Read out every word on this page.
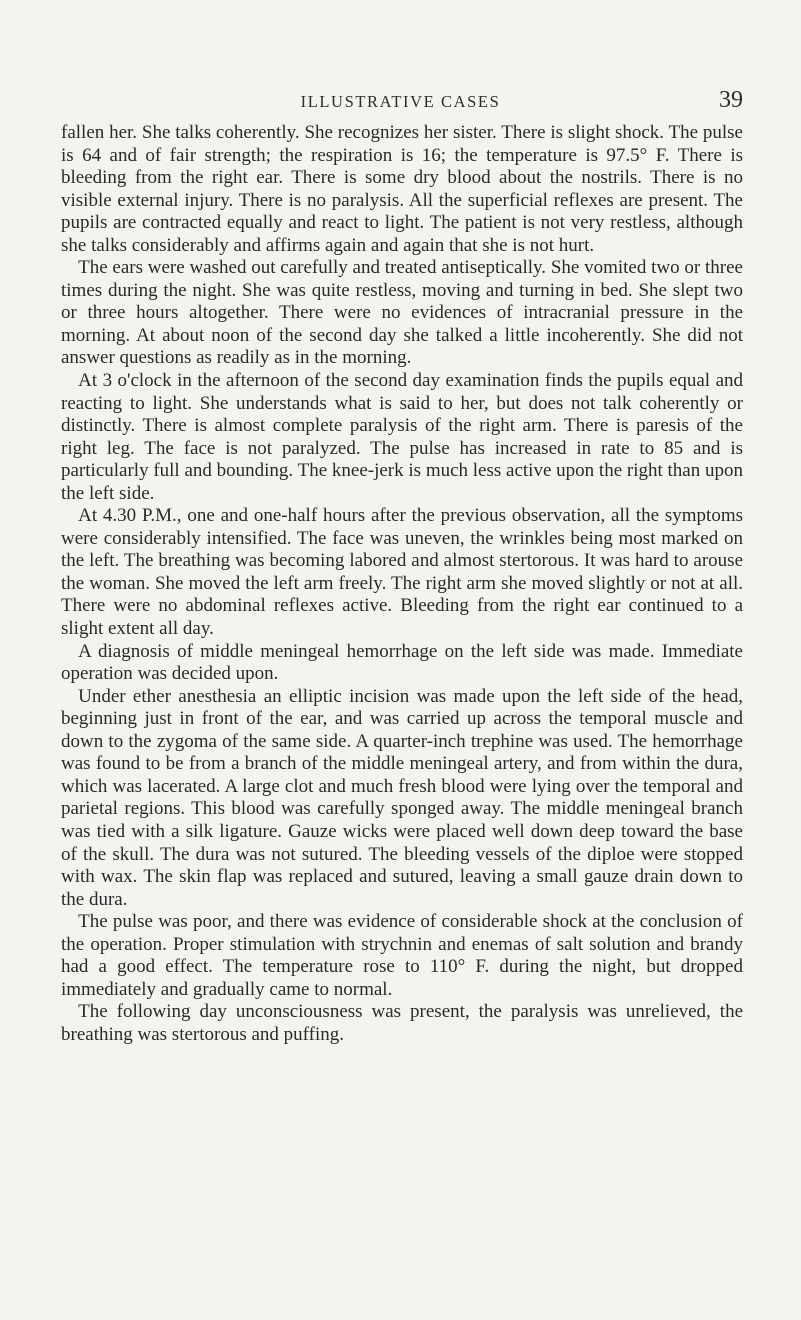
ILLUSTRATIVE CASES	39

fallen her. She talks coherently. She recognizes her sister. There is slight shock. The pulse is 64 and of fair strength; the respiration is 16; the temperature is 97.5° F. There is bleeding from the right ear. There is some dry blood about the nostrils. There is no visible external injury. There is no paralysis. All the superficial reflexes are present. The pupils are contracted equally and react to light. The patient is not very restless, although she talks considerably and affirms again and again that she is not hurt.

The ears were washed out carefully and treated antiseptically. She vomited two or three times during the night. She was quite restless, moving and turning in bed. She slept two or three hours altogether. There were no evidences of intracranial pressure in the morning. At about noon of the second day she talked a little incoherently. She did not answer questions as readily as in the morning.

At 3 o'clock in the afternoon of the second day examination finds the pupils equal and reacting to light. She understands what is said to her, but does not talk coherently or distinctly. There is almost complete paralysis of the right arm. There is paresis of the right leg. The face is not paralyzed. The pulse has increased in rate to 85 and is particularly full and bounding. The knee-jerk is much less active upon the right than upon the left side.

At 4.30 P.M., one and one-half hours after the previous observation, all the symptoms were considerably intensified. The face was uneven, the wrinkles being most marked on the left. The breathing was becoming labored and almost stertorous. It was hard to arouse the woman. She moved the left arm freely. The right arm she moved slightly or not at all. There were no abdominal reflexes active. Bleeding from the right ear continued to a slight extent all day.

A diagnosis of middle meningeal hemorrhage on the left side was made. Immediate operation was decided upon.

Under ether anesthesia an elliptic incision was made upon the left side of the head, beginning just in front of the ear, and was carried up across the temporal muscle and down to the zygoma of the same side. A quarter-inch trephine was used. The hemorrhage was found to be from a branch of the middle meningeal artery, and from within the dura, which was lacerated. A large clot and much fresh blood were lying over the temporal and parietal regions. This blood was carefully sponged away. The middle meningeal branch was tied with a silk ligature. Gauze wicks were placed well down deep toward the base of the skull. The dura was not sutured. The bleeding vessels of the diploe were stopped with wax. The skin flap was replaced and sutured, leaving a small gauze drain down to the dura.

The pulse was poor, and there was evidence of considerable shock at the conclusion of the operation. Proper stimulation with strychnin and enemas of salt solution and brandy had a good effect. The temperature rose to 110° F. during the night, but dropped immediately and gradually came to normal.

The following day unconsciousness was present, the paralysis was unrelieved, the breathing was stertorous and puffing.
